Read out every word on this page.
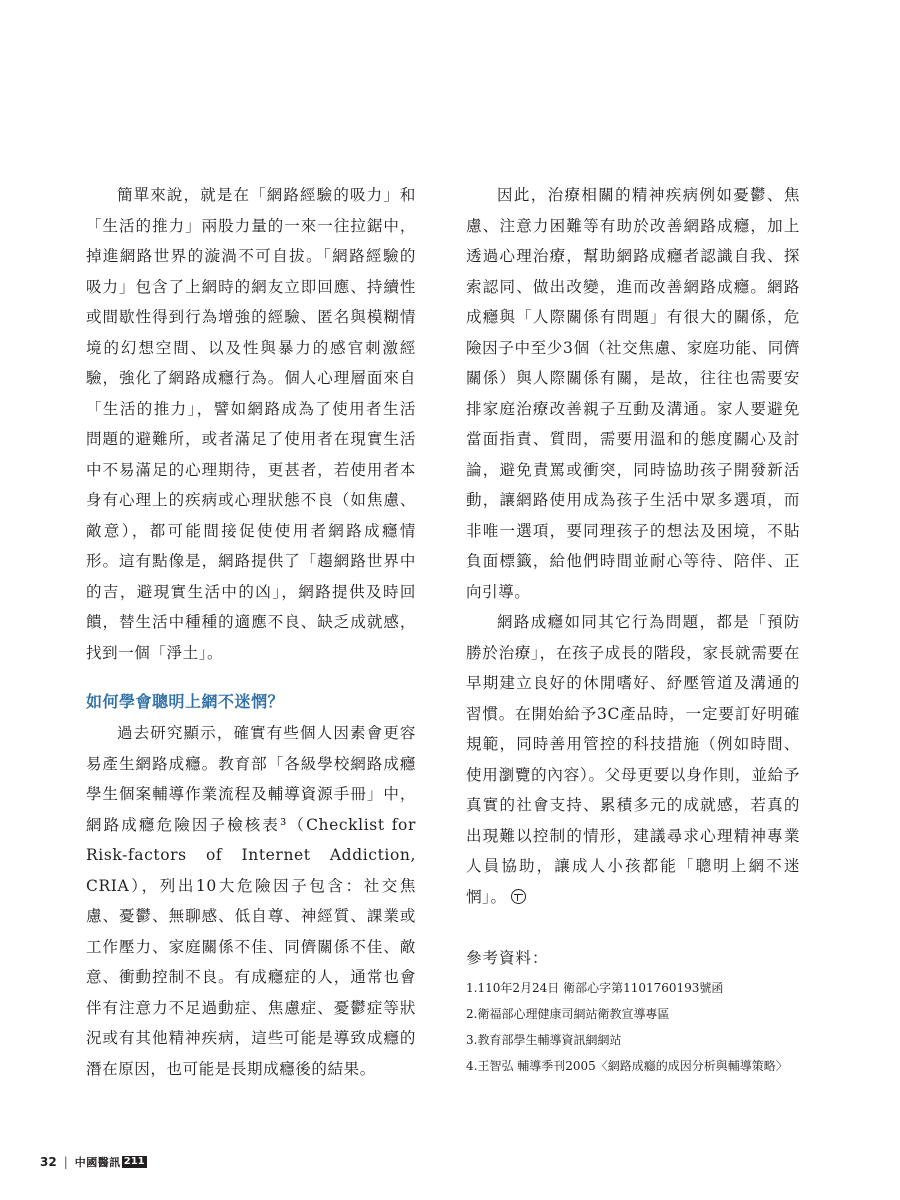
簡單來說，就是在「網路經驗的吸力」和「生活的推力」兩股力量的一來一往拉鋸中，掉進網路世界的漩渦不可自拔。「網路經驗的吸力」包含了上網時的網友立即回應、持續性或間歇性得到行為增強的經驗、匿名與模糊情境的幻想空間、以及性與暴力的感官刺激經驗，強化了網路成癮行為。個人心理層面來自「生活的推力」，譬如網路成為了使用者生活問題的避難所，或者滿足了使用者在現實生活中不易滿足的心理期待，更甚者，若使用者本身有心理上的疾病或心理狀態不良（如焦慮、敵意），都可能間接促使使用者網路成癮情形。這有點像是，網路提供了「趨網路世界中的吉，避現實生活中的凶」，網路提供及時回饋，替生活中種種的適應不良、缺乏成就感，找到一個「淨土」。

如何學會聰明上網不迷惘？

過去研究顯示，確實有些個人因素會更容易產生網路成癮。教育部「各級學校網路成癮學生個案輔導作業流程及輔導資源手冊」中，網路成癮危險因子檢核表³（Checklist for Risk-factors of Internet Addiction, CRIA），列出10大危險因子包含：社交焦慮、憂鬱、無聊感、低自尊、神經質、課業或工作壓力、家庭關係不佳、同儕關係不佳、敵意、衝動控制不良。有成癮症的人，通常也會伴有注意力不足過動症、焦慮症、憂鬱症等狀況或有其他精神疾病，這些可能是導致成癮的潛在原因，也可能是長期成癮後的結果。

因此，治療相關的精神疾病例如憂鬱、焦慮、注意力困難等有助於改善網路成癮，加上透過心理治療，幫助網路成癮者認識自我、探索認同、做出改變，進而改善網路成癮。網路成癮與「人際關係有問題」有很大的關係，危險因子中至少3個（社交焦慮、家庭功能、同儕關係）與人際關係有關，是故，往往也需要安排家庭治療改善親子互動及溝通。家人要避免當面指責、質問，需要用溫和的態度關心及討論，避免責罵或衝突，同時協助孩子開發新活動，讓網路使用成為孩子生活中眾多選項，而非唯一選項，要同理孩子的想法及困境，不貼負面標籤，給他們時間並耐心等待、陪伴、正向引導。

網路成癮如同其它行為問題，都是「預防勝於治療」，在孩子成長的階段，家長就需要在早期建立良好的休閒嗜好、紓壓管道及溝通的習慣。在開始給予3C產品時，一定要訂好明確規範，同時善用管控的科技措施（例如時間、使用瀏覽的內容）。父母更要以身作則，並給予真實的社會支持、累積多元的成就感，若真的出現難以控制的情形，建議尋求心理精神專業人員協助，讓成人小孩都能「聰明上網不迷惘」。

參考資料：
1.110年2月24日 衛部心字第1101760193號函
2.衛福部心理健康司網站衛教宣導專區
3.教育部學生輔導資訊網網站
4.王智弘 輔導季刊2005〈網路成癮的成因分析與輔導策略〉
32 | 中國醫訊 211
